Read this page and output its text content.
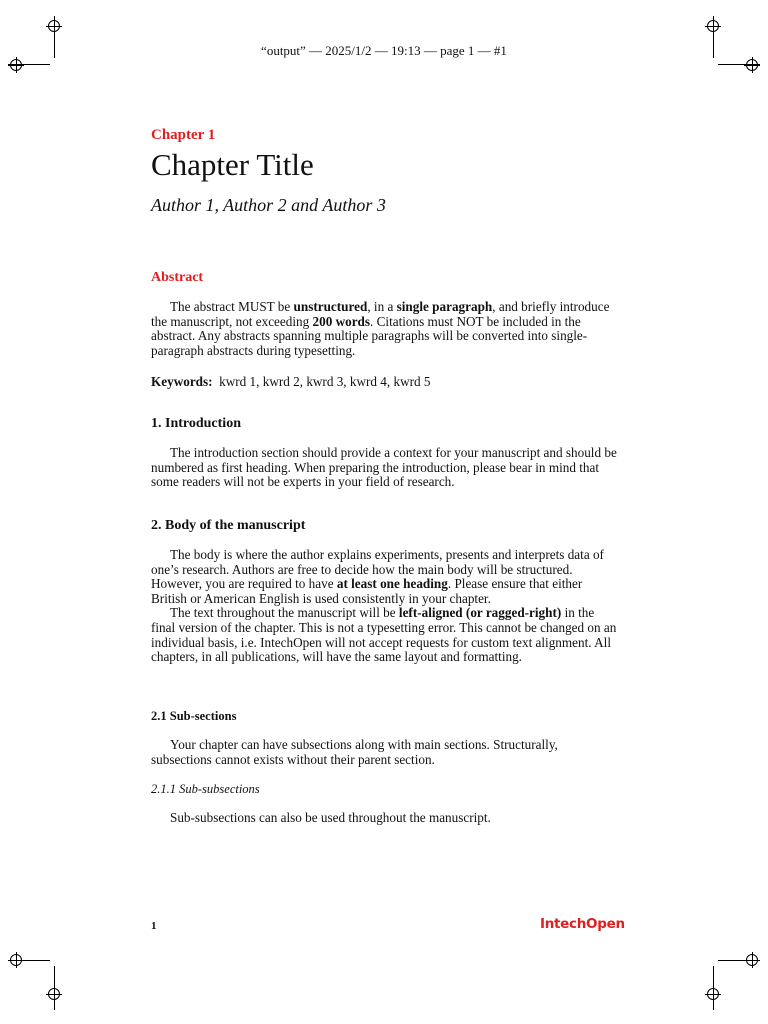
“output” — 2025/1/2 — 19:13 — page 1 — #1
Chapter 1
Chapter Title
Author 1, Author 2 and Author 3
Abstract

The abstract MUST be unstructured, in a single paragraph, and briefly introduce the manuscript, not exceeding 200 words. Citations must NOT be included in the abstract. Any abstracts spanning multiple paragraphs will be converted into single-paragraph abstracts during typesetting.

Keywords: kwrd 1, kwrd 2, kwrd 3, kwrd 4, kwrd 5
1. Introduction

The introduction section should provide a context for your manuscript and should be numbered as first heading. When preparing the introduction, please bear in mind that some readers will not be experts in your field of research.

2. Body of the manuscript

The body is where the author explains experiments, presents and interprets data of one’s research. Authors are free to decide how the main body will be structured. However, you are required to have at least one heading. Please ensure that either British or American English is used consistently in your chapter.

The text throughout the manuscript will be left-aligned (or ragged-right) in the final version of the chapter. This is not a typesetting error. This cannot be changed on an individual basis, i.e. IntechOpen will not accept requests for custom text alignment. All chapters, in all publications, will have the same layout and formatting.

2.1 Sub-sections

Your chapter can have subsections along with main sections. Structurally, subsections cannot exists without their parent section.

2.1.1 Sub-subsections

Sub-subsections can also be used throughout the manuscript.

1	IntechOpen
